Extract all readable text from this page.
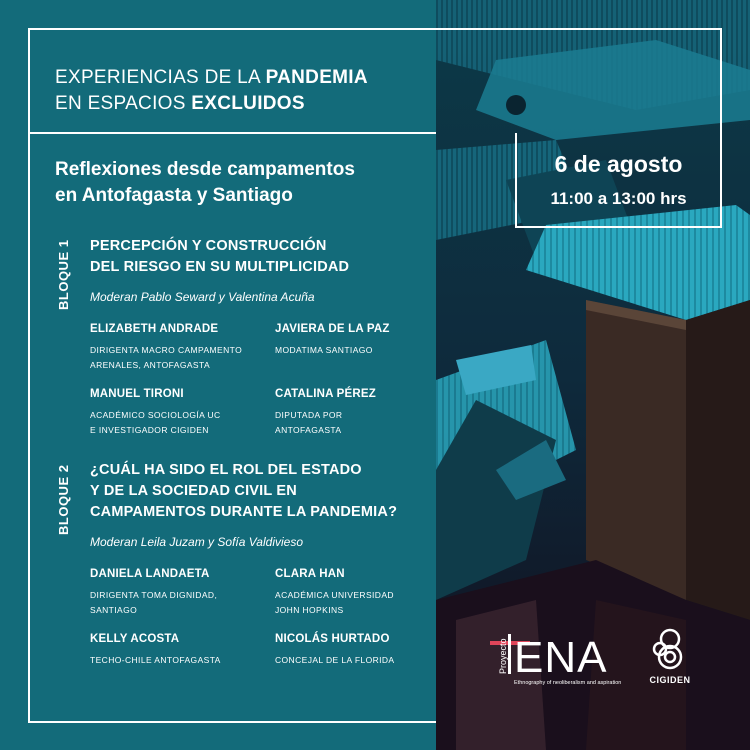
EXPERIENCIAS DE LA PANDEMIA
EN ESPACIOS EXCLUIDOS
Reflexiones desde campamentos
en Antofagasta y Santiago
6 de agosto
11:00 a 13:00 hrs
BLOQUE 1 PERCEPCIÓN Y CONSTRUCCIÓN
DEL RIESGO EN SU MULTIPLICIDAD
Moderan Pablo Seward y Valentina Acuña
ELIZABETH ANDRADE
DIRIGENTA MACRO CAMPAMENTO
ARENALES, ANTOFAGASTA
JAVIERA DE LA PAZ
MODATIMA SANTIAGO
MANUEL TIRONI
ACADÉMICO SOCIOLOGÍA UC
E INVESTIGADOR CIGIDEN
CATALINA PÉREZ
DIPUTADA POR
ANTOFAGASTA
BLOQUE 2 ¿CUÁL HA SIDO EL ROL DEL ESTADO
Y DE LA SOCIEDAD CIVIL EN
CAMPAMENTOS DURANTE LA PANDEMIA?
Moderan Leila Juzam y Sofía Valdivieso
DANIELA LANDAETA
DIRIGENTA TOMA DIGNIDAD,
SANTIAGO
CLARA HAN
ACADÉMICA UNIVERSIDAD
JOHN HOPKINS
KELLY ACOSTA
TECHO-CHILE ANTOFAGASTA
NICOLÁS HURTADO
CONCEJAL DE LA FLORIDA	Proyecto ENA
Ethnography of neoliberalism and aspiration	CIGIDEN
